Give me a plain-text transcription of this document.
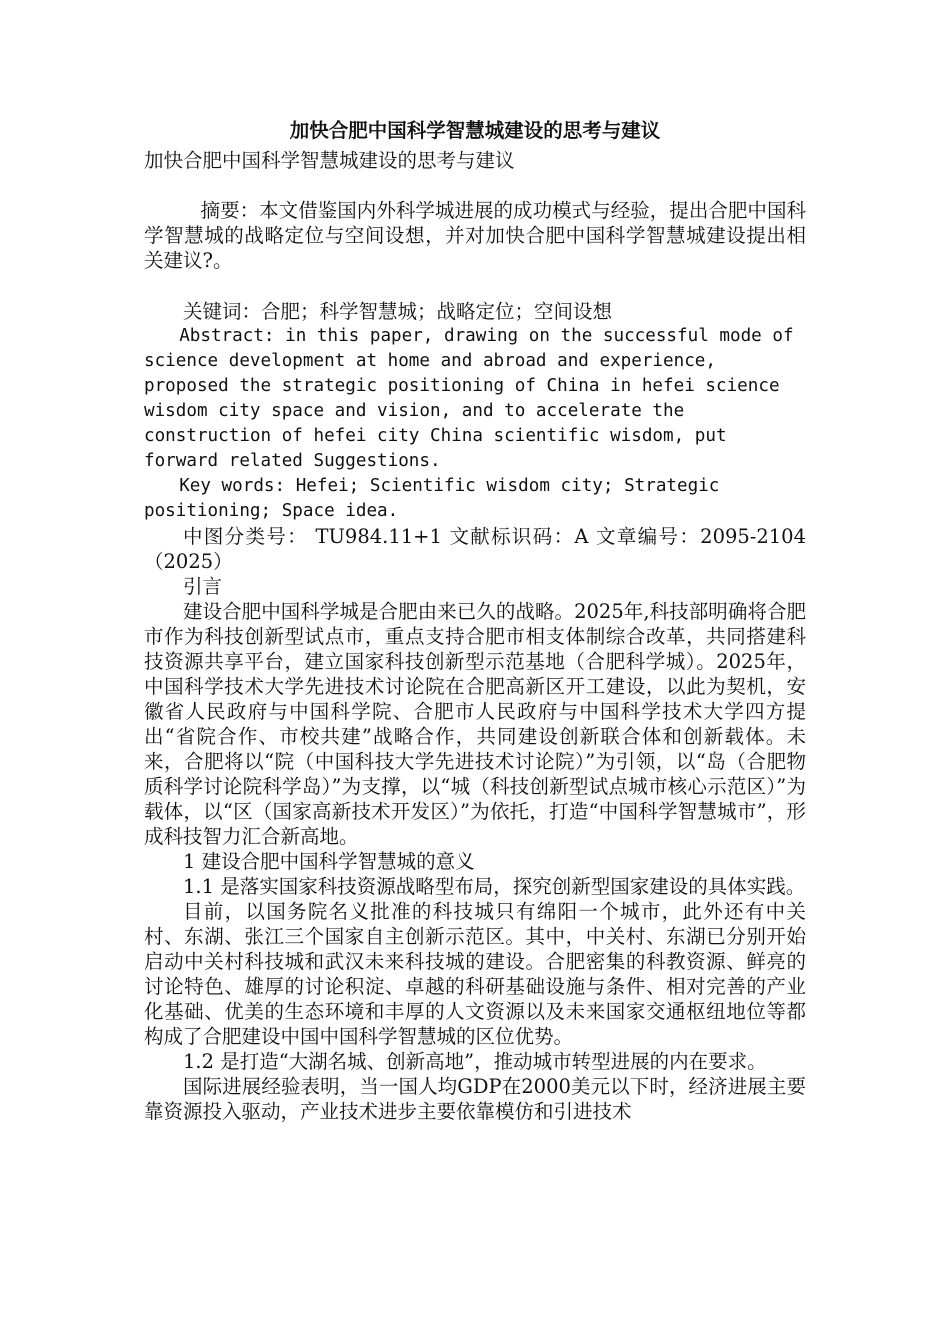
加快合肥中国科学智慧城建设的思考与建议
加快合肥中国科学智慧城建设的思考与建议

摘要：本文借鉴国内外科学城进展的成功模式与经验，提出合肥中国科学智慧城的战略定位与空间设想，并对加快合肥中国科学智慧城建设提出相关建议?。

关键词：合肥；科学智慧城；战略定位；空间设想

Abstract: in this paper, drawing on the successful mode of science development at home and abroad and experience, proposed the strategic positioning of China in hefei science wisdom city space and vision, and to accelerate the construction of hefei city China scientific wisdom, put forward related Suggestions.

Key words: Hefei; Scientific wisdom city; Strategic positioning; Space idea.

中图分类号： TU984.11+1 文献标识码：A 文章编号：2095-2104（2025）

引言

建设合肥中国科学城是合肥由来已久的战略。2025年,科技部明确将合肥市作为科技创新型试点市，重点支持合肥市相支体制综合改革，共同搭建科技资源共享平台，建立国家科技创新型示范基地（合肥科学城）。2025年，中国科学技术大学先进技术讨论院在合肥高新区开工建设，以此为契机，安徽省人民政府与中国科学院、合肥市人民政府与中国科学技术大学四方提出“省院合作、市校共建”战略合作，共同建设创新联合体和创新载体。未来，合肥将以“院（中国科技大学先进技术讨论院）”为引领，以“岛（合肥物质科学讨论院科学岛）”为支撑，以“城（科技创新型试点城市核心示范区）”为载体，以“区（国家高新技术开发区）”为依托，打造“中国科学智慧城市”，形成科技智力汇合新高地。

1 建设合肥中国科学智慧城的意义

1.1 是落实国家科技资源战略型布局，探究创新型国家建设的具体实践。

目前，以国务院名义批准的科技城只有绵阳一个城市，此外还有中关村、东湖、张江三个国家自主创新示范区。其中，中关村、东湖已分别开始启动中关村科技城和武汉未来科技城的建设。合肥密集的科教资源、鲜亮的讨论特色、雄厚的讨论积淀、卓越的科研基础设施与条件、相对完善的产业化基础、优美的生态环境和丰厚的人文资源以及未来国家交通枢纽地位等都构成了合肥建设中国中国科学智慧城的区位优势。

1.2 是打造“大湖名城、创新高地”，推动城市转型进展的内在要求。

国际进展经验表明，当一国人均GDP在2000美元以下时，经济进展主要靠资源投入驱动，产业技术进步主要依靠模仿和引进技术
